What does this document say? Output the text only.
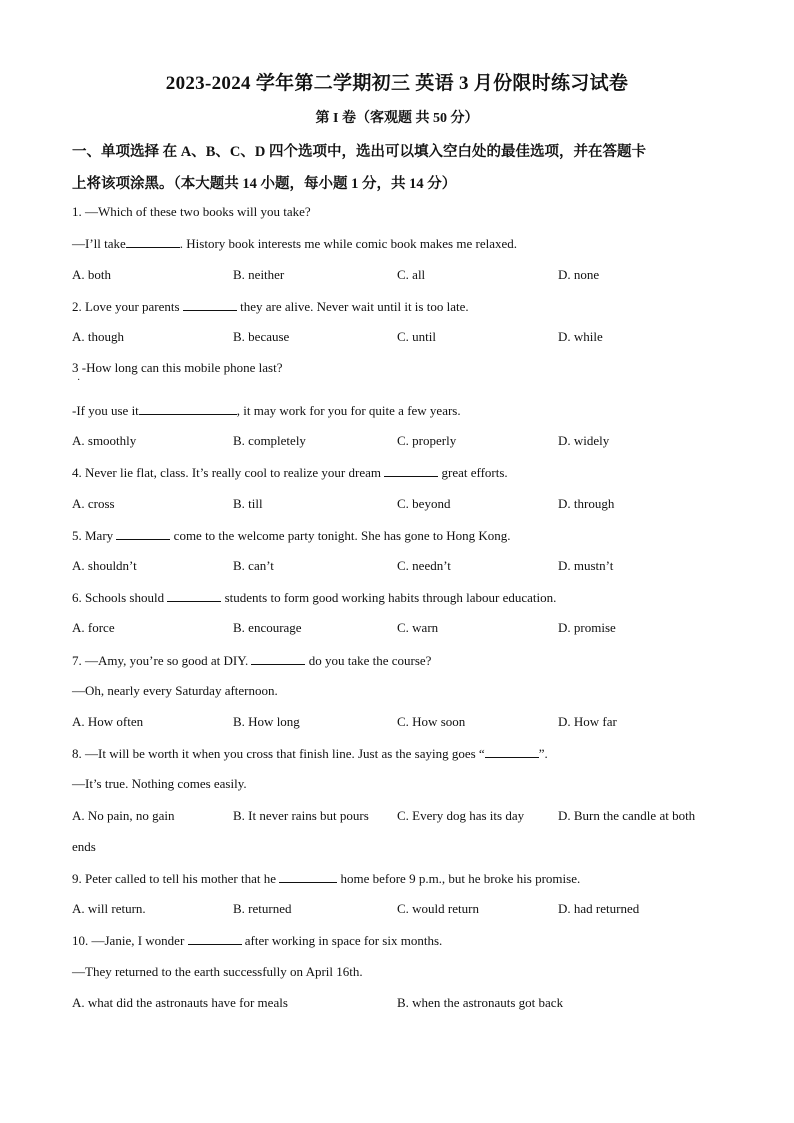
2023-2024 学年第二学期初三 英语 3 月份限时练习试卷
第 I 卷（客观题 共 50 分）
一、单项选择 在 A、B、C、D 四个选项中，选出可以填入空白处的最佳选项，并在答题卡
上将该项涂黑。（本大题共 14 小题，每小题 1 分，共 14 分）
1. —Which of these two books will you take?
—I’ll take	. History book interests me while comic book makes me relaxed.
A. both	B. neither	C. all	D. none
2. Love your parents	they are alive. Never wait until it is too late.
A. though	B. because	C. until	D. while
3 -How long can this mobile phone last?
·
-If you use it	, it may work for you for quite a few years.
A. smoothly	B. completely	C. properly	D. widely
4. Never lie flat, class. It’s really cool to realize your dream	great efforts.
A. cross	B. till	C. beyond	D. through
5. Mary	come to the welcome party tonight. She has gone to Hong Kong.
A. shouldn’t	B. can’t	C. needn’t	D. mustn’t
6. Schools should	students to form good working habits through labour education.
A. force	B. encourage	C. warn	D. promise
7. —Amy, you’re so good at DIY.	do you take the course?
—Oh, nearly every Saturday afternoon.
A. How often	B. How long	C. How soon	D. How far
8. —It will be worth it when you cross that finish line. Just as the saying goes “	”.
—It’s true. Nothing comes easily.
A. No pain, no gain	B. It never rains but pours C. Every dog has its day	D. Burn the candle at both
ends
9. Peter called to tell his mother that he	home before 9 p.m., but he broke his promise.
A. will return.	B. returned	C. would return	D. had returned
10. —Janie, I wonder	after working in space for six months.
—They returned to the earth successfully on April 16th.
A. what did the astronauts have for meals	B. when the astronauts got back
